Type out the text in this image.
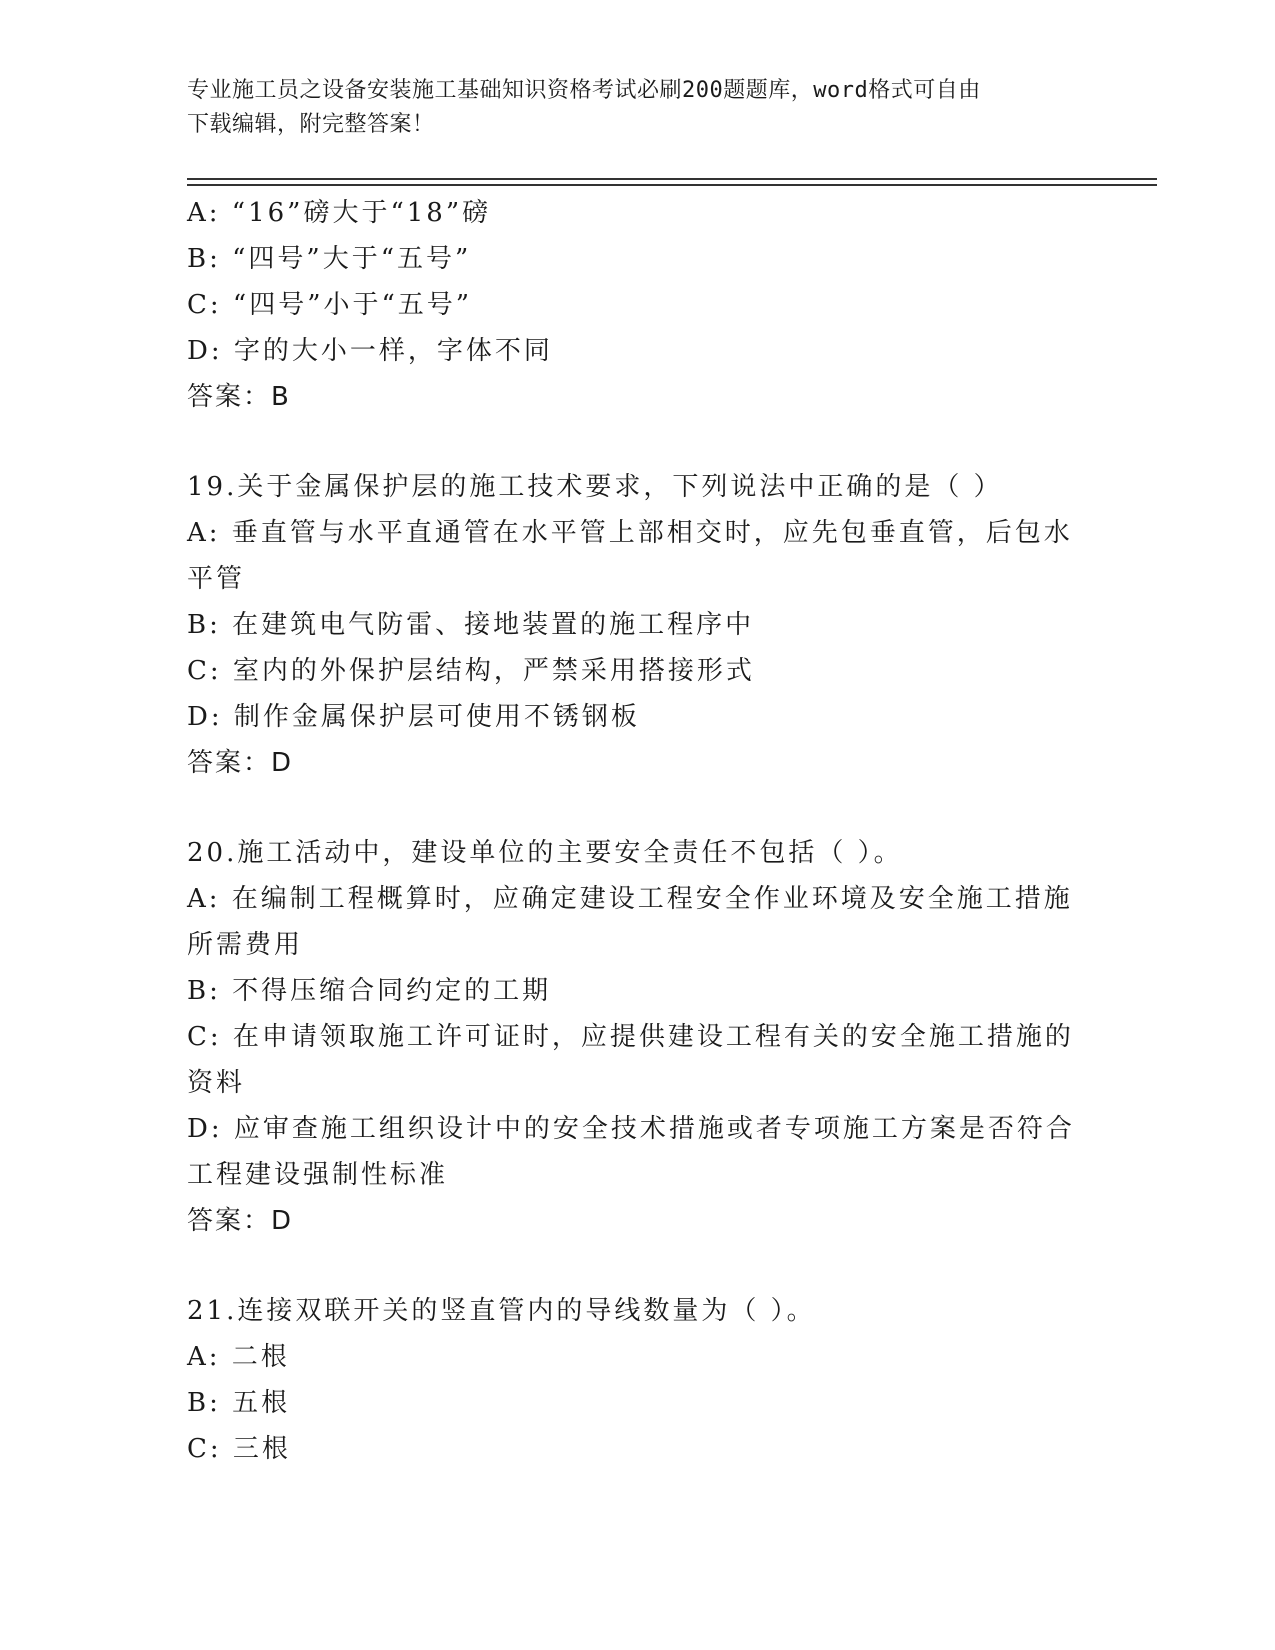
专业施工员之设备安装施工基础知识资格考试必刷200题题库，word格式可自由
下载编辑，附完整答案！
A: “16”磅大于“18”磅
B: “四号”大于“五号”
C: “四号”小于“五号”
D: 字的大小一样，字体不同
答案：B
19.关于金属保护层的施工技术要求，下列说法中正确的是（ ）
A: 垂直管与水平直通管在水平管上部相交时，应先包垂直管，后包水平管
B: 在建筑电气防雷、接地装置的施工程序中
C: 室内的外保护层结构，严禁采用搭接形式
D: 制作金属保护层可使用不锈钢板
答案：D
20.施工活动中，建设单位的主要安全责任不包括（ ）。
A: 在编制工程概算时，应确定建设工程安全作业环境及安全施工措施所需费用
B: 不得压缩合同约定的工期
C: 在申请领取施工许可证时，应提供建设工程有关的安全施工措施的资料
D: 应审查施工组织设计中的安全技术措施或者专项施工方案是否符合工程建设强制性标准
答案：D
21.连接双联开关的竖直管内的导线数量为（ ）。
A: 二根
B: 五根
C: 三根
